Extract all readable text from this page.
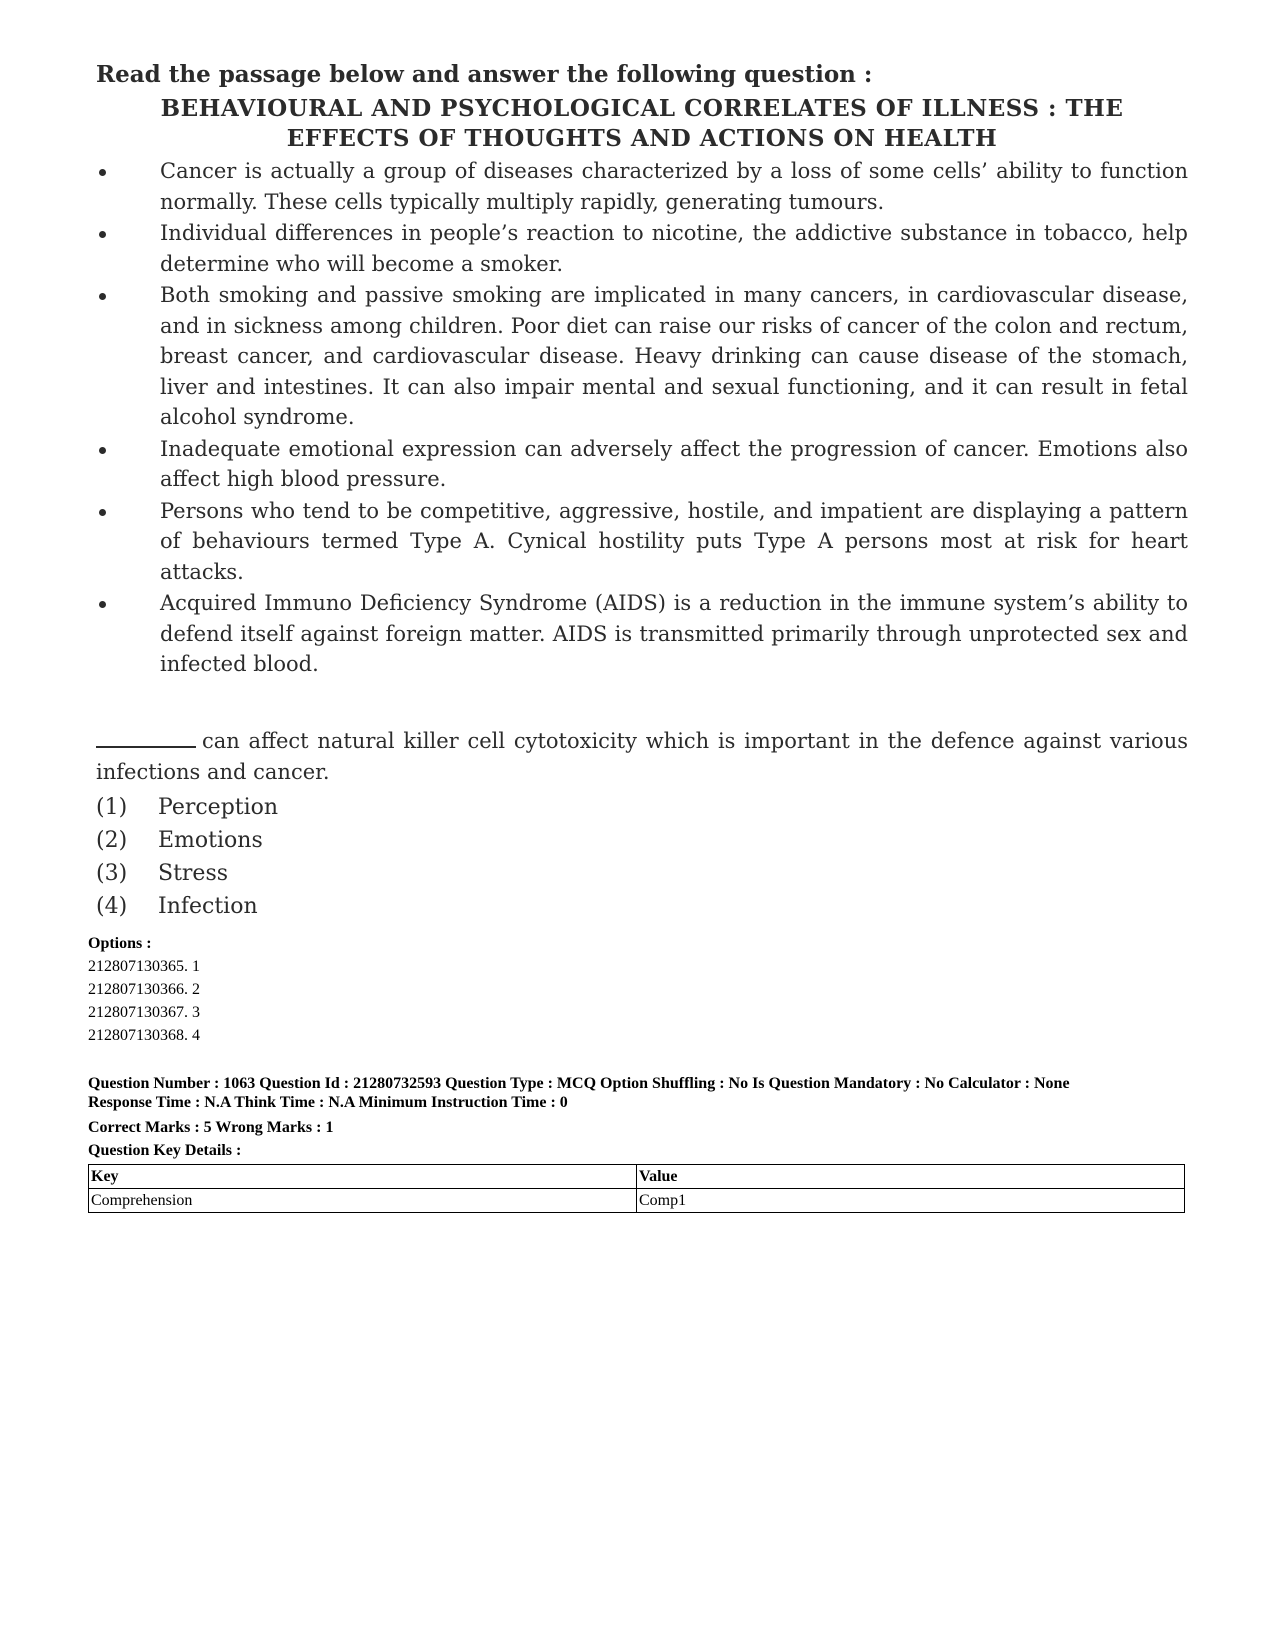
Read the passage below and answer the following question :

BEHAVIOURAL AND PSYCHOLOGICAL CORRELATES OF ILLNESS : THE EFFECTS OF THOUGHTS AND ACTIONS ON HEALTH

Cancer is actually a group of diseases characterized by a loss of some cells’ ability to function normally. These cells typically multiply rapidly, generating tumours.
Individual differences in people’s reaction to nicotine, the addictive substance in tobacco, help determine who will become a smoker.
Both smoking and passive smoking are implicated in many cancers, in cardiovascular disease, and in sickness among children. Poor diet can raise our risks of cancer of the colon and rectum, breast cancer, and cardiovascular disease. Heavy drinking can cause disease of the stomach, liver and intestines. It can also impair mental and sexual functioning, and it can result in fetal alcohol syndrome.
Inadequate emotional expression can adversely affect the progression of cancer. Emotions also affect high blood pressure.
Persons who tend to be competitive, aggressive, hostile, and impatient are displaying a pattern of behaviours termed Type A. Cynical hostility puts Type A persons most at risk for heart attacks.
Acquired Immuno Deficiency Syndrome (AIDS) is a reduction in the immune system’s ability to defend itself against foreign matter. AIDS is transmitted primarily through unprotected sex and infected blood.

can affect natural killer cell cytotoxicity which is important in the defence against various infections and cancer.

(1)	Perception
(2)	Emotions
(3)	Stress
(4)	Infection
Options :
212807130365. 1
212807130366. 2
212807130367. 3
212807130368. 4
Question Number : 1063 Question Id : 21280732593 Question Type : MCQ Option Shuffling : No Is Question Mandatory : No Calculator : None
Response Time : N.A Think Time : N.A Minimum Instruction Time : 0
Correct Marks : 5 Wrong Marks : 1
Question Key Details :
Key	Value
Comprehension	Comp1
